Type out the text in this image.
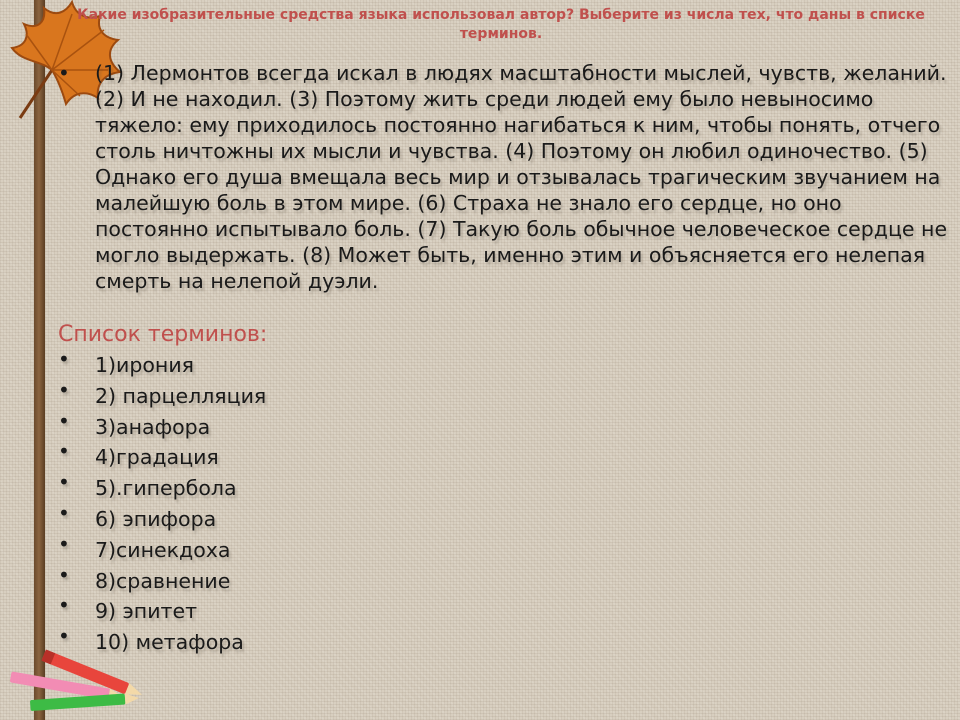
Какие изобразительные средства языка использовал автор? Выберите из числа тех, что даны в списке терминов.
• (1) Лермонтов всегда искал в людях масштабности мыслей, чувств, желаний. (2) И не находил. (3) Поэтому жить среди людей ему было невыносимо тяжело: ему приходилось постоянно нагибаться к ним, чтобы понять, отчего столь ничтожны их мысли и чувства. (4) Поэтому он любил одиночество. (5) Однако его душа вмещала весь мир и отзывалась трагическим звучанием на малейшую боль в этом мире. (6) Страха не знало его сердце, но оно постоянно испытывало боль. (7) Такую боль обычное человеческое сердце не могло выдержать. (8) Может быть, именно этим и объясняется его нелепая смерть на нелепой дуэли.
Список терминов:
• 1)ирония
• 2) парцелляция
• 3)анафора
• 4)градация
• 5).гипербола
• 6) эпифора
• 7)синекдоха
• 8)сравнение
• 9) эпитет
• 10) метафора
